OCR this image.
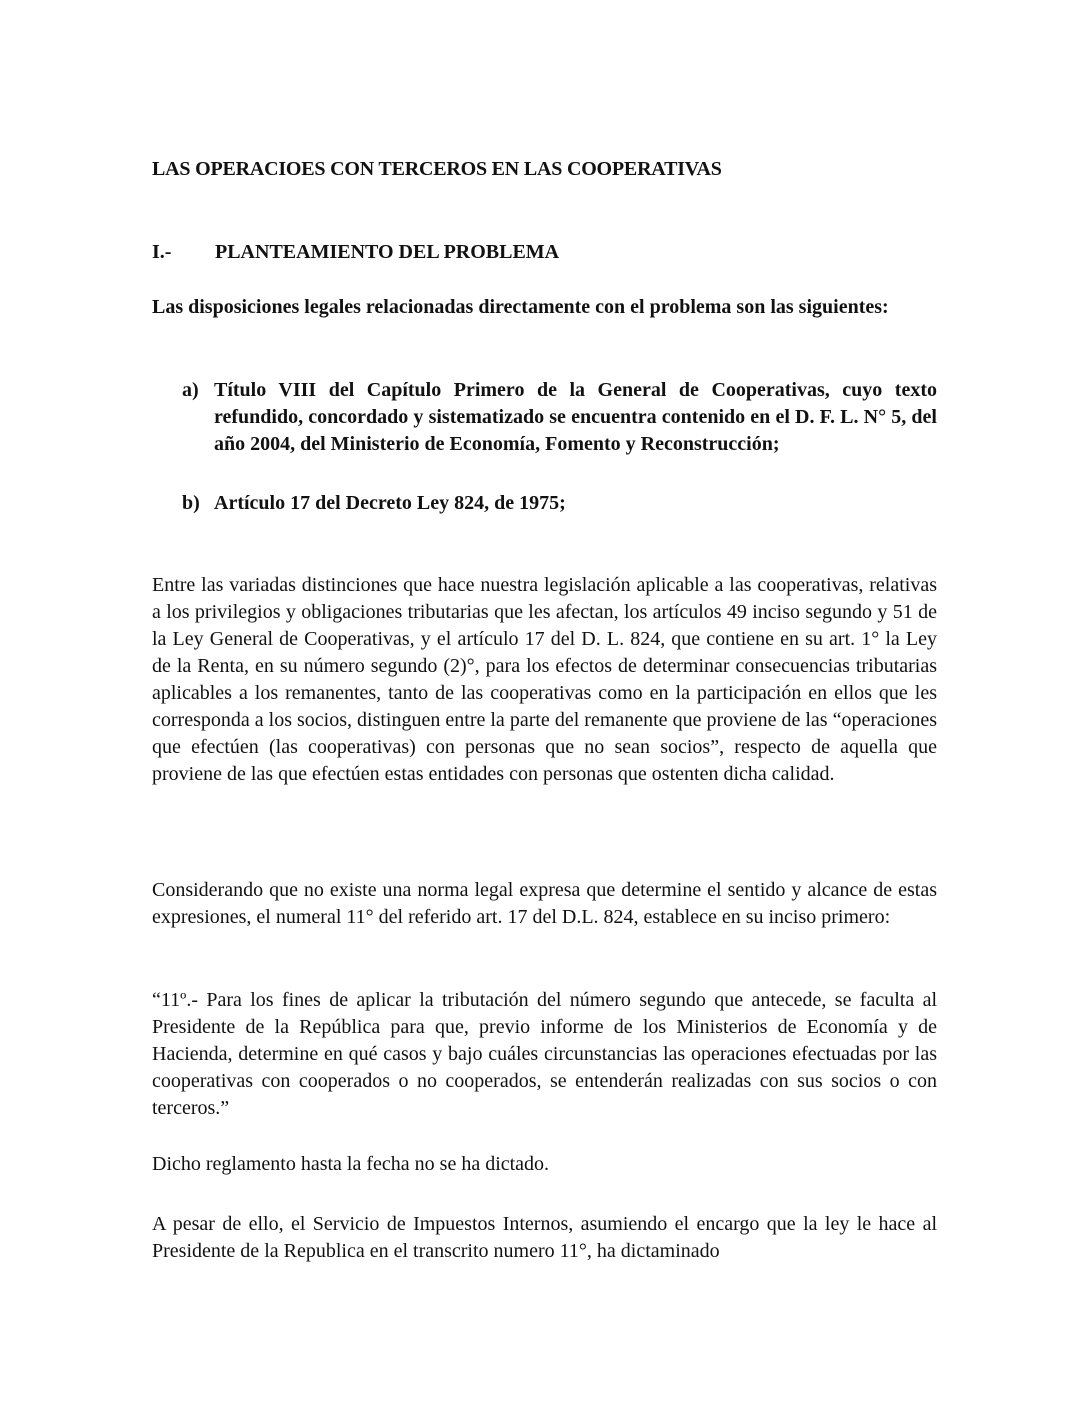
LAS OPERACIOES CON TERCEROS EN LAS COOPERATIVAS

I.- PLANTEAMIENTO DEL PROBLEMA

Las disposiciones legales relacionadas directamente con el problema son las siguientes:

a) Título VIII del Capítulo Primero de la General de Cooperativas, cuyo texto refundido, concordado y sistematizado se encuentra contenido en el D. F. L. N° 5, del año 2004, del Ministerio de Economía, Fomento y Reconstrucción;
b) Artículo 17 del Decreto Ley 824, de 1975;

Entre las variadas distinciones que hace nuestra legislación aplicable a las cooperativas, relativas a los privilegios y obligaciones tributarias que les afectan, los artículos 49 inciso segundo y 51 de la Ley General de Cooperativas, y el artículo 17 del D. L. 824, que contiene en su art. 1° la Ley de la Renta, en su número segundo (2)°, para los efectos de determinar consecuencias tributarias aplicables a los remanentes, tanto de las cooperativas como en la participación en ellos que les corresponda a los socios, distinguen entre la parte del remanente que proviene de las “operaciones que efectúen (las cooperativas) con personas que no sean socios”, respecto de aquella que proviene de las que efectúen estas entidades con personas que ostenten dicha calidad.

Considerando que no existe una norma legal expresa que determine el sentido y alcance de estas expresiones, el numeral 11° del referido art. 17 del D.L. 824, establece en su inciso primero:

“11º.- Para los fines de aplicar la tributación del número segundo que antecede, se faculta al Presidente de la República para que, previo informe de los Ministerios de Economía y de Hacienda, determine en qué casos y bajo cuáles circunstancias las operaciones efectuadas por las cooperativas con cooperados o no cooperados, se entenderán realizadas con sus socios o con terceros.”

Dicho reglamento hasta la fecha no se ha dictado.

A pesar de ello, el Servicio de Impuestos Internos, asumiendo el encargo que la ley le hace al Presidente de la Republica en el transcrito numero 11°, ha dictaminado
